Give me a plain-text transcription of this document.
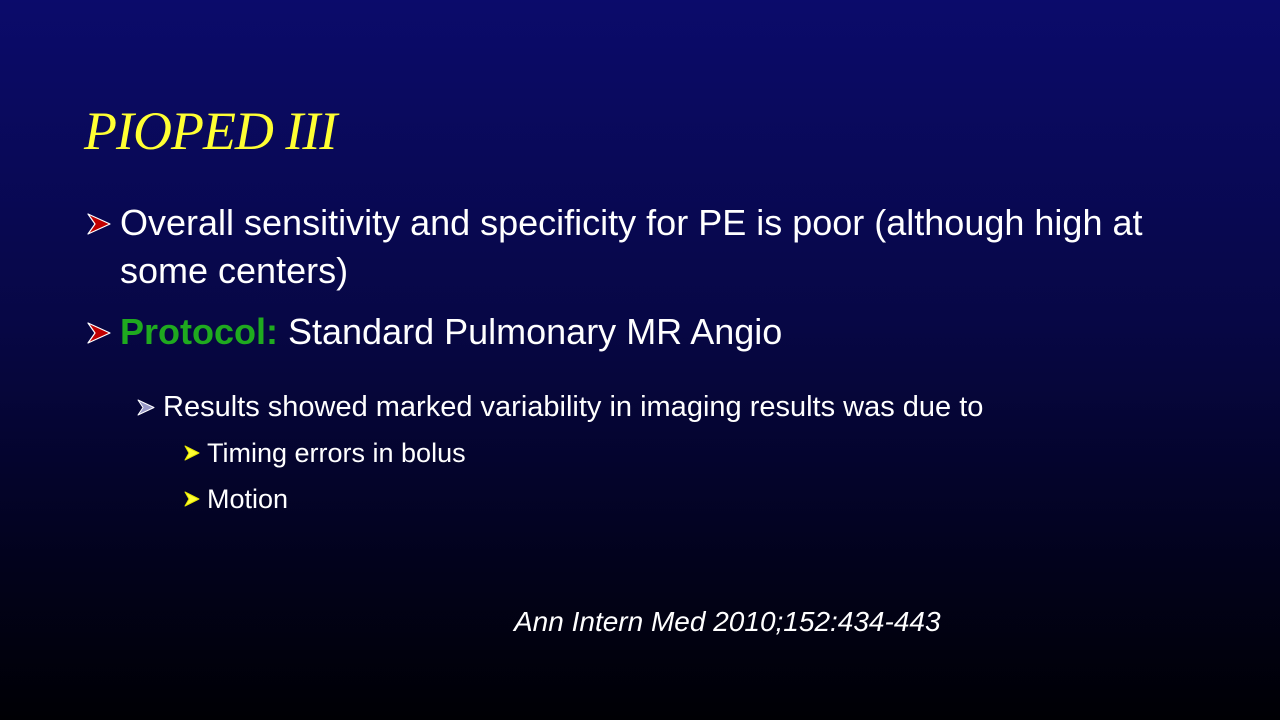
PIOPED III
Overall sensitivity and specificity for PE is poor (although high at some centers)
Protocol: Standard Pulmonary MR Angio
Results showed marked variability in imaging results was due to
Timing errors in bolus
Motion
Ann Intern Med 2010;152:434-443
